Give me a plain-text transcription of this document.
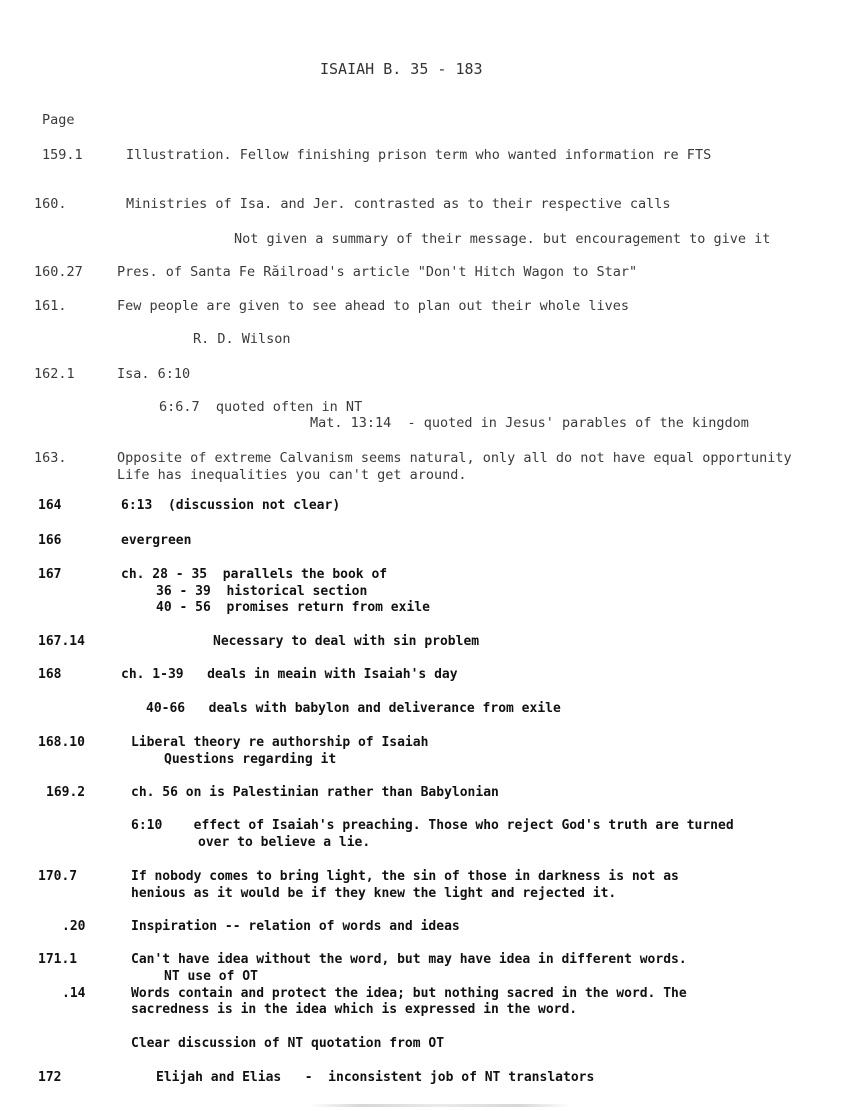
ISAIAH B. 35 - 183
Page
159.1	Illustration. Fellow finishing prison term who wanted information re FTS
160.	Ministries of Isa. and Jer. contrasted as to their respective calls
Not given a summary of their message. but encouragement to give it
160.27	Pres. of Santa Fe Răilroad's article "Don't Hitch Wagon to Star"
161.	Few people are given to see ahead to plan out their whole lives
R. D. Wilson
162.1	Isa. 6:10
6:6.7  quoted often in NT
Mat. 13:14  - quoted in Jesus' parables of the kingdom
163.	Opposite of extreme Calvanism seems natural, only all do not have equal opportunity
Life has inequalities you can't get around.
164	6:13  (discussion not clear)
166	evergreen
167	ch. 28 - 35  parallels the book of
36 - 39  historical section
40 - 56  promises return from exile
167.14	Necessary to deal with sin problem
168	ch. 1-39   deals in meain with Isaiah's day
40-66   deals with babylon and deliverance from exile
168.10	Liberal theory re authorship of Isaiah
Questions regarding it
169.2	ch. 56 on is Palestinian rather than Babylonian
6:10    effect of Isaiah's preaching. Those who reject God's truth are turned
over to believe a lie.
170.7	If nobody comes to bring light, the sin of those in darkness is not as
henious as it would be if they knew the light and rejected it.
.20	Inspiration -- relation of words and ideas
171.1	Can't have idea without the word, but may have idea in different words.
NT use of OT
.14	Words contain and protect the idea; but nothing sacred in the word. The
sacredness is in the idea which is expressed in the word.
Clear discussion of NT quotation from OT
172	Elijah and Elias   -  inconsistent job of NT translators
